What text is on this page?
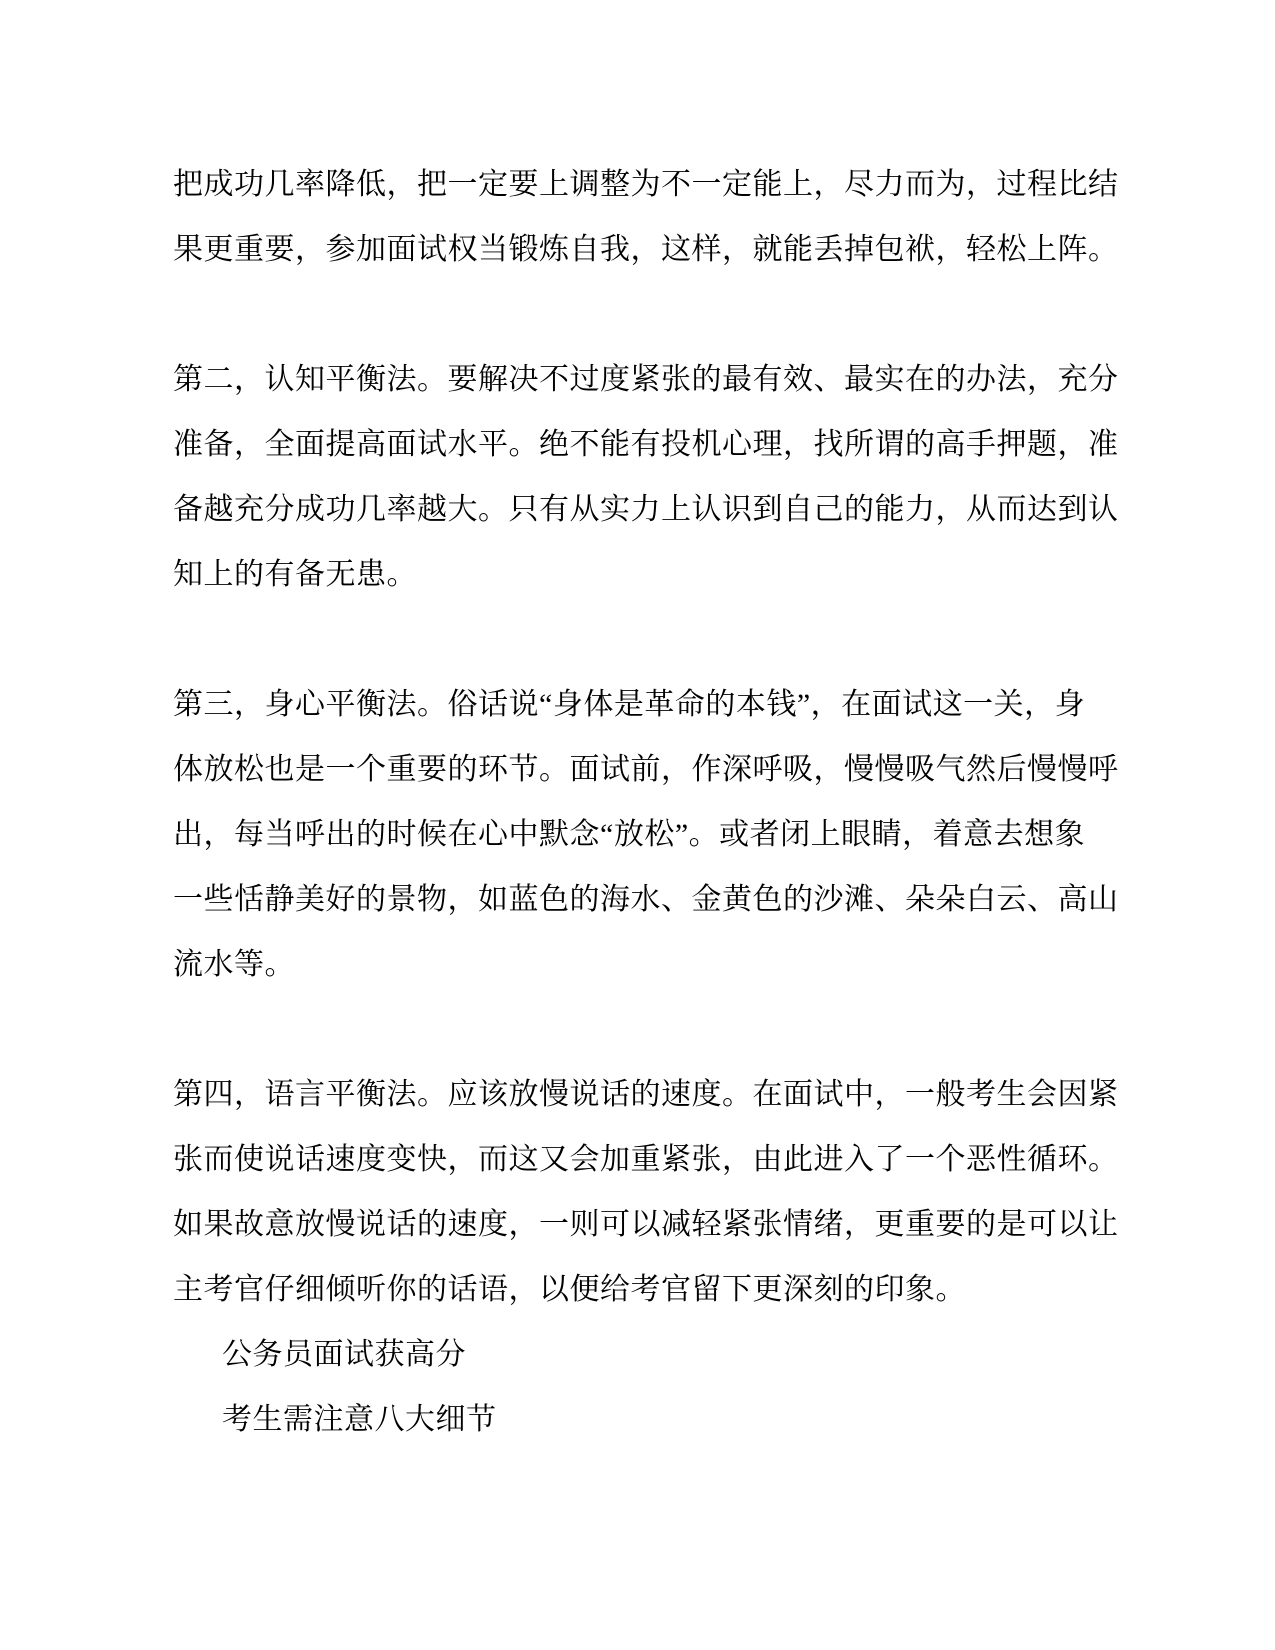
把成功几率降低，把一定要上调整为不一定能上，尽力而为，过程比结
果更重要，参加面试权当锻炼自我，这样，就能丢掉包袱，轻松上阵。
第二，认知平衡法。要解决不过度紧张的最有效、最实在的办法，充分
准备，全面提高面试水平。绝不能有投机心理，找所谓的高手押题，准
备越充分成功几率越大。只有从实力上认识到自己的能力，从而达到认
知上的有备无患。
第三，身心平衡法。俗话说“身体是革命的本钱”，在面试这一关，身
体放松也是一个重要的环节。面试前，作深呼吸，慢慢吸气然后慢慢呼
出，每当呼出的时候在心中默念“放松”。或者闭上眼睛，着意去想象
一些恬静美好的景物，如蓝色的海水、金黄色的沙滩、朵朵白云、高山
流水等。
第四，语言平衡法。应该放慢说话的速度。在面试中，一般考生会因紧
张而使说话速度变快，而这又会加重紧张，由此进入了一个恶性循环。
如果故意放慢说话的速度，一则可以减轻紧张情绪，更重要的是可以让
主考官仔细倾听你的话语，以便给考官留下更深刻的印象。
公务员面试获高分
考生需注意八大细节
